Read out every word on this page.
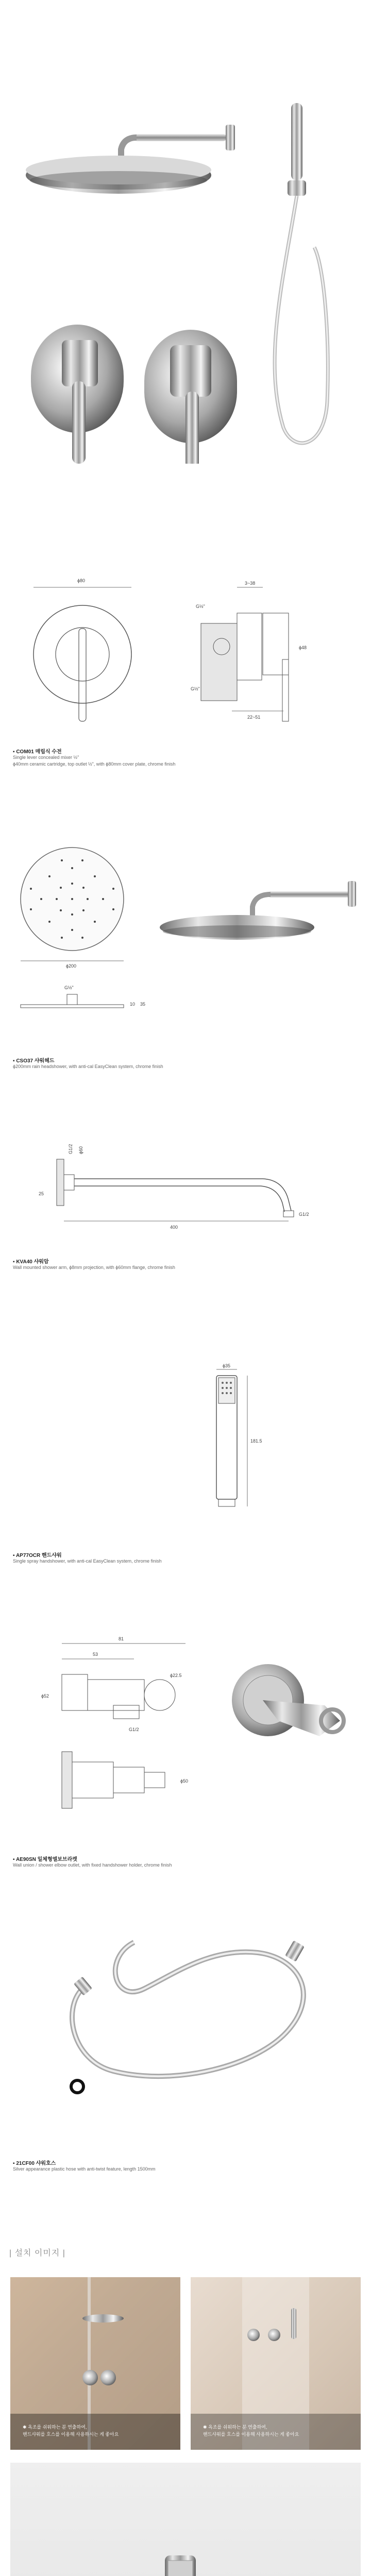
ϕ80	3~38
G½"
22~51
ϕ48
G½"
▪ COM01 매립식 수전
Single lever concealed mixer ½"
ϕ40mm ceramic cartridge, top outlet ½", with ϕ80mm cover plate, chrome finish
ϕ200
G½"
10 35
▪ CSO37 샤워헤드
ϕ200mm rain headshower, with anti-cal EasyClean system, chrome finish
G1/2 ϕ60
25
400
G1/2
▪ KVA40 샤워암
Wall mounted shower arm, ϕ8mm projection, with ϕ60mm flange, chrome finish
ϕ35
181.5
▪ AP77OCR 핸드샤워
Single spray handshower, with anti-cal EasyClean system, chrome finish
81
53
ϕ22.5
ϕ52
G1/2
ϕ50
▪ AE90SN 일체형엘보브라켓
Wall union / shower elbow outlet, with fixed handshower holder, chrome finish
▪ 21CF00 샤워호스
Silver appearance plastic hose with anti-twist feature, length 1500mm
| 설치 이미지 |
✱ 욕조를 쉬워하는 분 연출하여,
핸드샤워를 호스를 이용해 사용하시는 게 좋아요
✱ 욕조를 쉬워하는 분 연출하여,
핸드샤워를 호스를 이용해 사용하시는 게 좋아요
